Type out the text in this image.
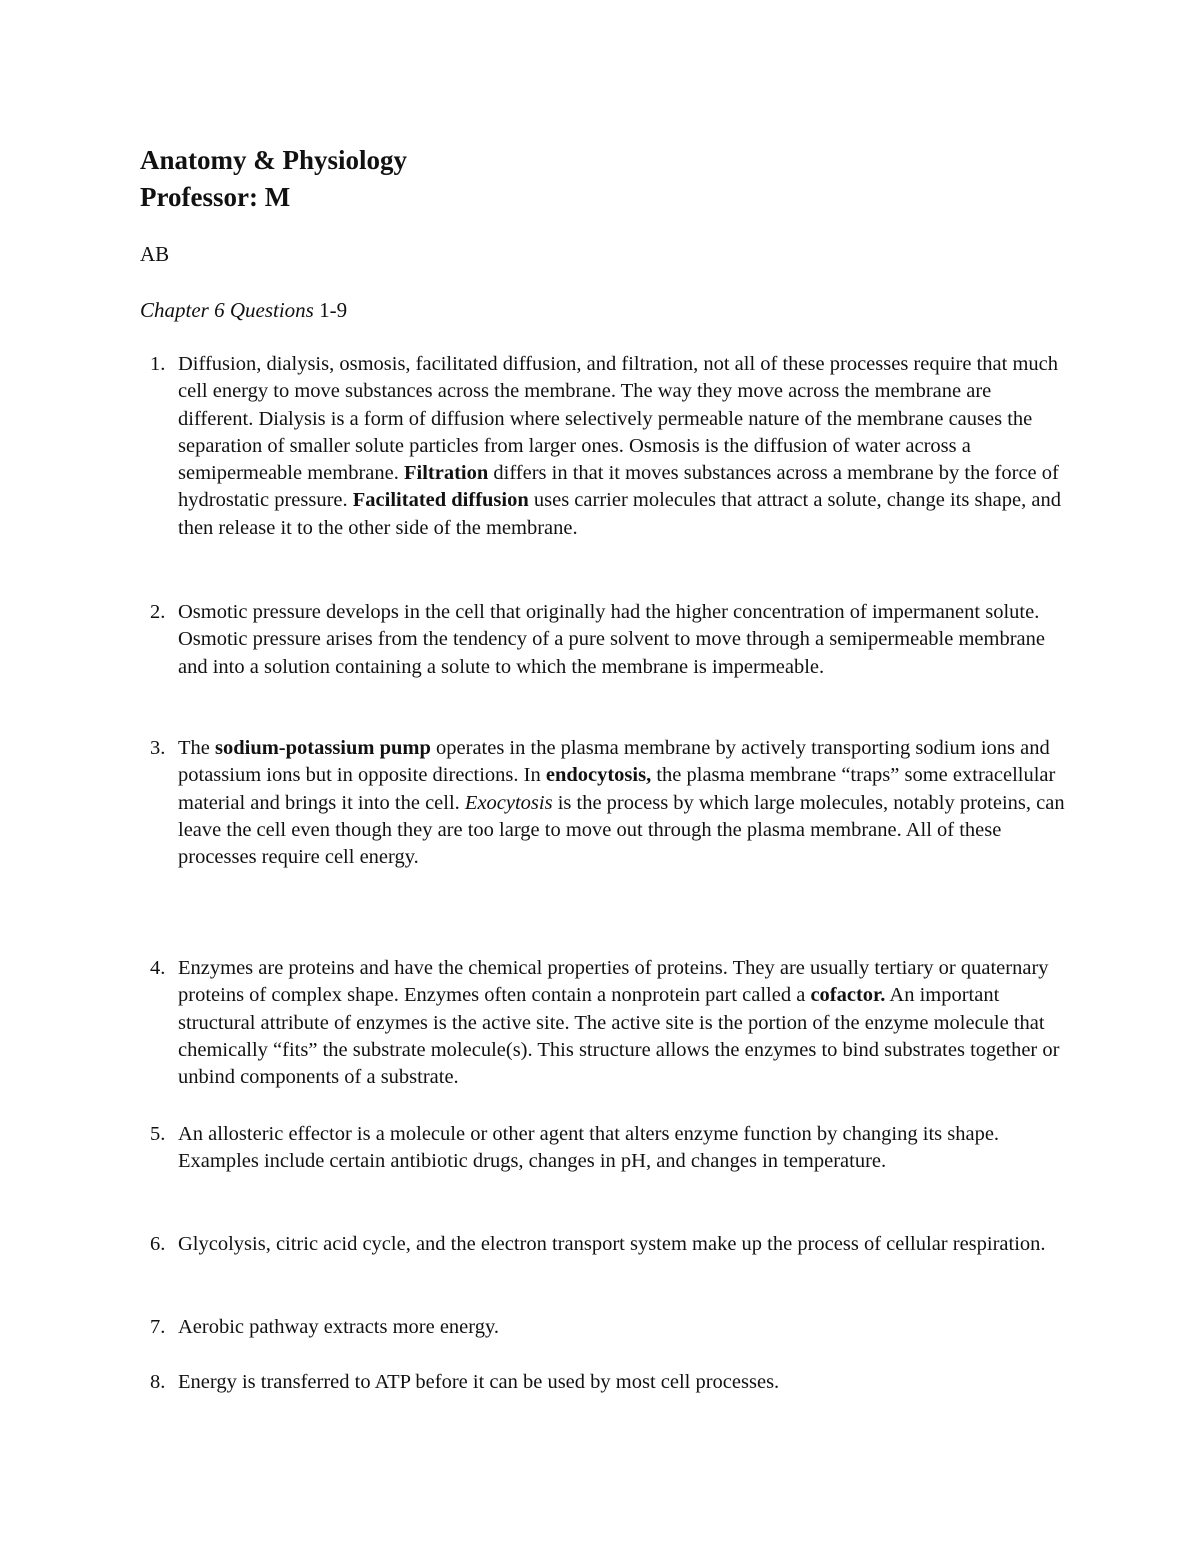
Anatomy & Physiology
Professor: M
AB
Chapter 6 Questions 1-9
1. Diffusion, dialysis, osmosis, facilitated diffusion, and filtration, not all of these processes require that much cell energy to move substances across the membrane. The way they move across the membrane are different. Dialysis is a form of diffusion where selectively permeable nature of the membrane causes the separation of smaller solute particles from larger ones. Osmosis is the diffusion of water across a semipermeable membrane. Filtration differs in that it moves substances across a membrane by the force of hydrostatic pressure. Facilitated diffusion uses carrier molecules that attract a solute, change its shape, and then release it to the other side of the membrane.
2. Osmotic pressure develops in the cell that originally had the higher concentration of impermanent solute. Osmotic pressure arises from the tendency of a pure solvent to move through a semipermeable membrane and into a solution containing a solute to which the membrane is impermeable.
3. The sodium-potassium pump operates in the plasma membrane by actively transporting sodium ions and potassium ions but in opposite directions. In endocytosis, the plasma membrane “traps” some extracellular material and brings it into the cell. Exocytosis is the process by which large molecules, notably proteins, can leave the cell even though they are too large to move out through the plasma membrane. All of these processes require cell energy.
4. Enzymes are proteins and have the chemical properties of proteins. They are usually tertiary or quaternary proteins of complex shape. Enzymes often contain a nonprotein part called a cofactor. An important structural attribute of enzymes is the active site. The active site is the portion of the enzyme molecule that chemically “fits” the substrate molecule(s). This structure allows the enzymes to bind substrates together or unbind components of a substrate.
5. An allosteric effector is a molecule or other agent that alters enzyme function by changing its shape. Examples include certain antibiotic drugs, changes in pH, and changes in temperature.
6. Glycolysis, citric acid cycle, and the electron transport system make up the process of cellular respiration.
7. Aerobic pathway extracts more energy.
8. Energy is transferred to ATP before it can be used by most cell processes.
